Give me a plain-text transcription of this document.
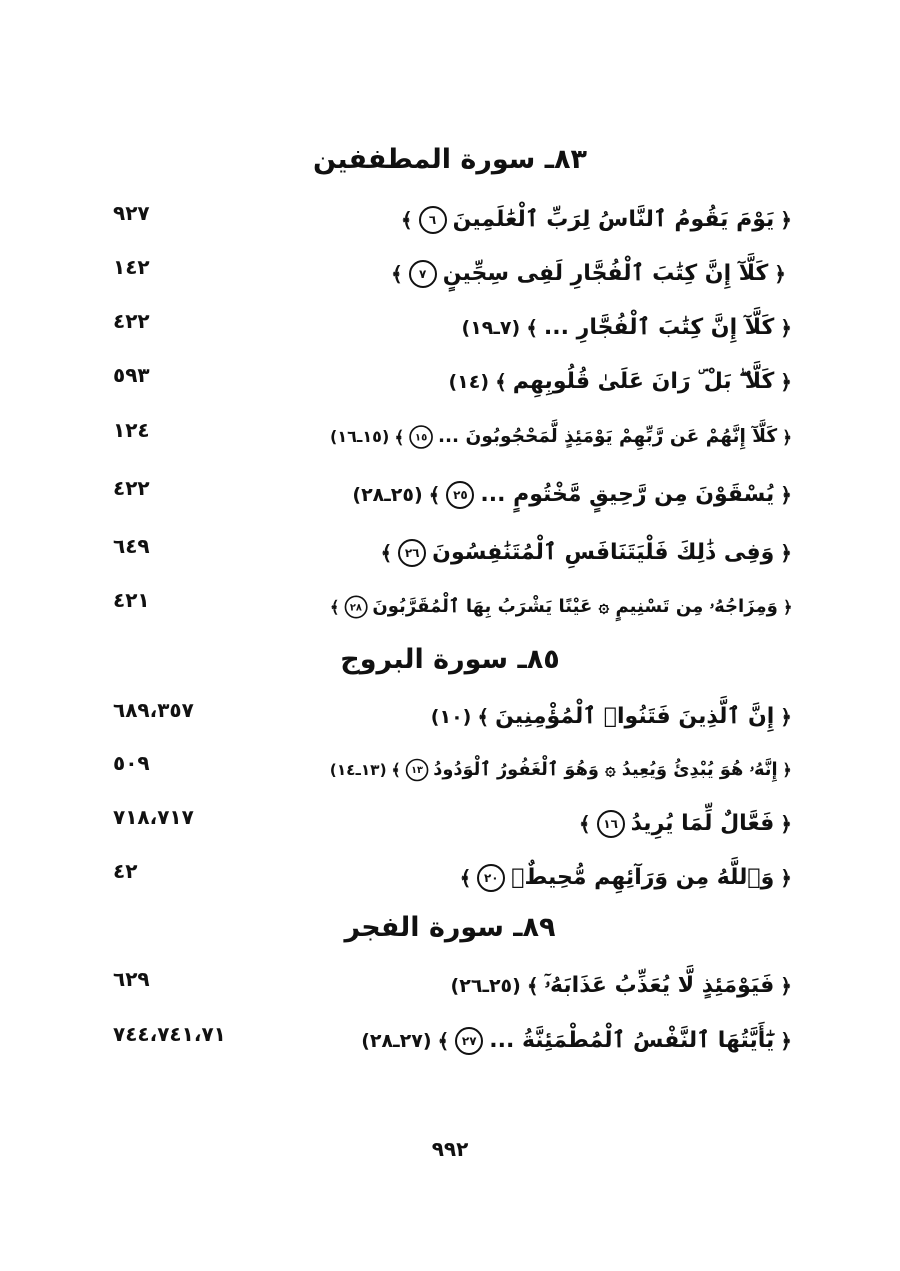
٨٣ـ سورة المطففين
﴿
يَوْمَ يَقُومُ ٱلنَّاسُ لِرَبِّ ٱلْعَٰلَمِينَ
٦
﴾
٩٢٧
﴿
كَلَّآ إِنَّ كِتَٰبَ ٱلْفُجَّارِ لَفِى سِجِّينٍ
٧
﴾
١٤٢
﴿
كَلَّآ إِنَّ كِتَٰبَ ٱلْفُجَّارِ ...
﴾
(٧ـ١٩)
٤٢٢
﴿
كَلَّا ۖ بَلْ ۜ رَانَ عَلَىٰ قُلُوبِهِم
﴾
(١٤)
٥٩٣
﴿
كَلَّآ إِنَّهُمْ عَن رَّبِّهِمْ يَوْمَئِذٍ لَّمَحْجُوبُونَ ...
١٥
﴾
(١٥ـ١٦)
١٢٤
﴿
يُسْقَوْنَ مِن رَّحِيقٍ مَّخْتُومٍ ...
٢٥
﴾
(٢٥ـ٢٨)
٤٢٢
﴿
وَفِى ذَٰلِكَ فَلْيَتَنَافَسِ ٱلْمُتَنَٰفِسُونَ
٢٦
﴾
٦٤٩
﴿
وَمِزَاجُهُۥ مِن تَسْنِيمٍ ۞ عَيْنًا يَشْرَبُ بِهَا ٱلْمُقَرَّبُونَ
٢٨
﴾
٤٢١
٨٥ـ سورة البروج
﴿
إِنَّ ٱلَّذِينَ فَتَنُوا۟ ٱلْمُؤْمِنِينَ
﴾
(١٠)
٦٨٩،٣٥٧
﴿
إِنَّهُۥ هُوَ يُبْدِئُ وَيُعِيدُ ۞ وَهُوَ ٱلْغَفُورُ ٱلْوَدُودُ
١٣
﴾
(١٣ـ١٤)
٥٠٩
﴿
فَعَّالٌ لِّمَا يُرِيدُ
١٦
﴾
٧١٨،٧١٧
﴿
وَٱللَّهُ مِن وَرَآئِهِم مُّحِيطٌۢ
٢٠
﴾
٤٢
٨٩ـ سورة الفجر
﴿
فَيَوْمَئِذٍ لَّا يُعَذِّبُ عَذَابَهُۥٓ
﴾
(٢٥ـ٢٦)
٦٢٩
﴿
يَٰٓأَيَّتُهَا ٱلنَّفْسُ ٱلْمُطْمَئِنَّةُ ...
٢٧
﴾
(٢٧ـ٢٨)
٧٤٤،٧٤١،٧١
٩٩٢
